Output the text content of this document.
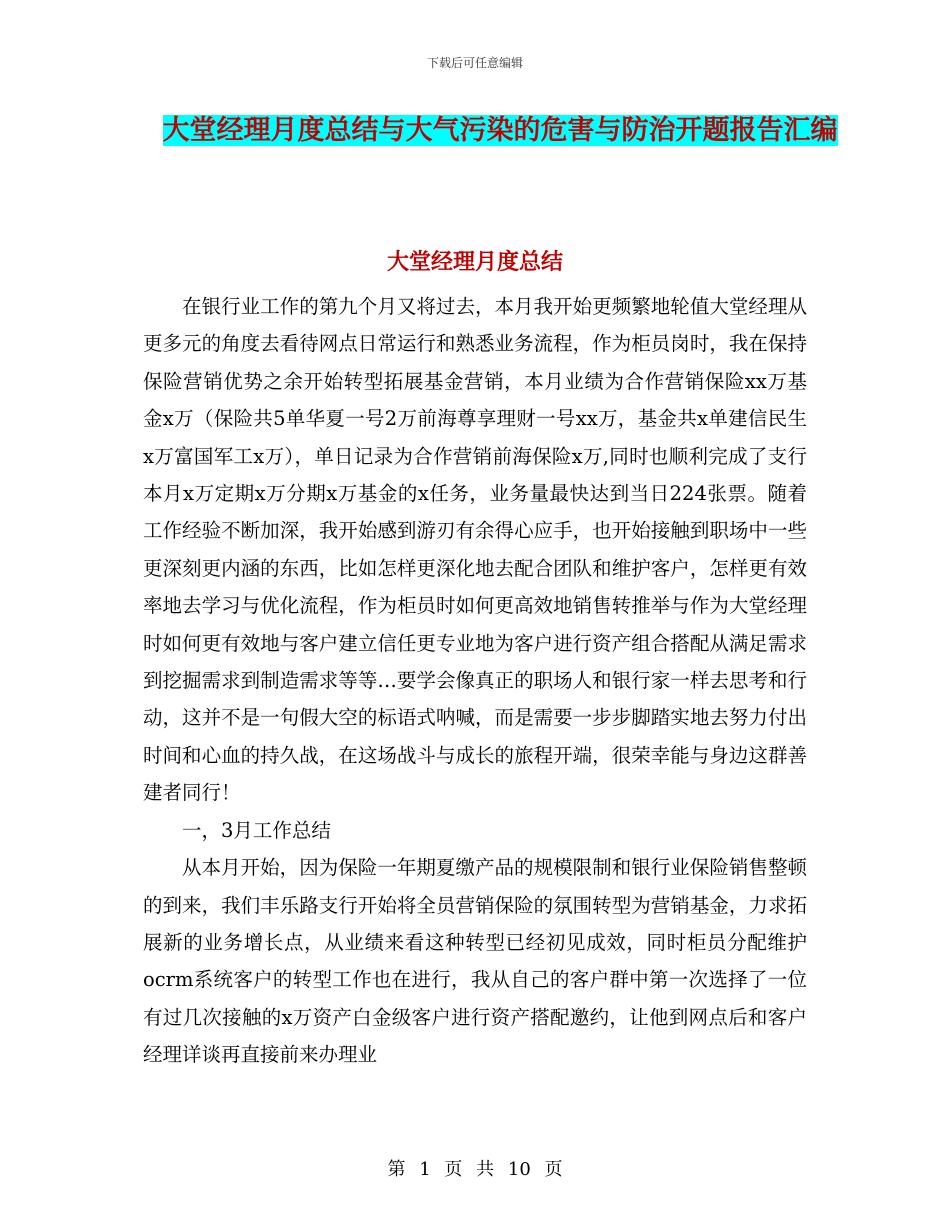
下载后可任意编辑
大堂经理月度总结与大气污染的危害与防治开题报告汇编
大堂经理月度总结

在银行业工作的第九个月又将过去，本月我开始更频繁地轮值大堂经理从更多元的角度去看待网点日常运行和熟悉业务流程，作为柜员岗时，我在保持保险营销优势之余开始转型拓展基金营销，本月业绩为合作营销保险xx万基金x万（保险共5单华夏一号2万前海尊享理财一号xx万，基金共x单建信民生x万富国军工x万），单日记录为合作营销前海保险x万,同时也顺利完成了支行本月x万定期x万分期x万基金的x任务，业务量最快达到当日224张票。随着工作经验不断加深，我开始感到游刃有余得心应手，也开始接触到职场中一些更深刻更内涵的东西，比如怎样更深化地去配合团队和维护客户，怎样更有效率地去学习与优化流程，作为柜员时如何更高效地销售转推举与作为大堂经理时如何更有效地与客户建立信任更专业地为客户进行资产组合搭配从满足需求到挖掘需求到制造需求等等…要学会像真正的职场人和银行家一样去思考和行动，这并不是一句假大空的标语式呐喊，而是需要一步步脚踏实地去努力付出时间和心血的持久战，在这场战斗与成长的旅程开端，很荣幸能与身边这群善建者同行！

一，3月工作总结

从本月开始，因为保险一年期夏缴产品的规模限制和银行业保险销售整顿的到来，我们丰乐路支行开始将全员营销保险的氛围转型为营销基金，力求拓展新的业务增长点，从业绩来看这种转型已经初见成效，同时柜员分配维护ocrm系统客户的转型工作也在进行，我从自己的客户群中第一次选择了一位有过几次接触的x万资产白金级客户进行资产搭配邀约，让他到网点后和客户经理详谈再直接前来办理业

第 1 页 共 10 页
